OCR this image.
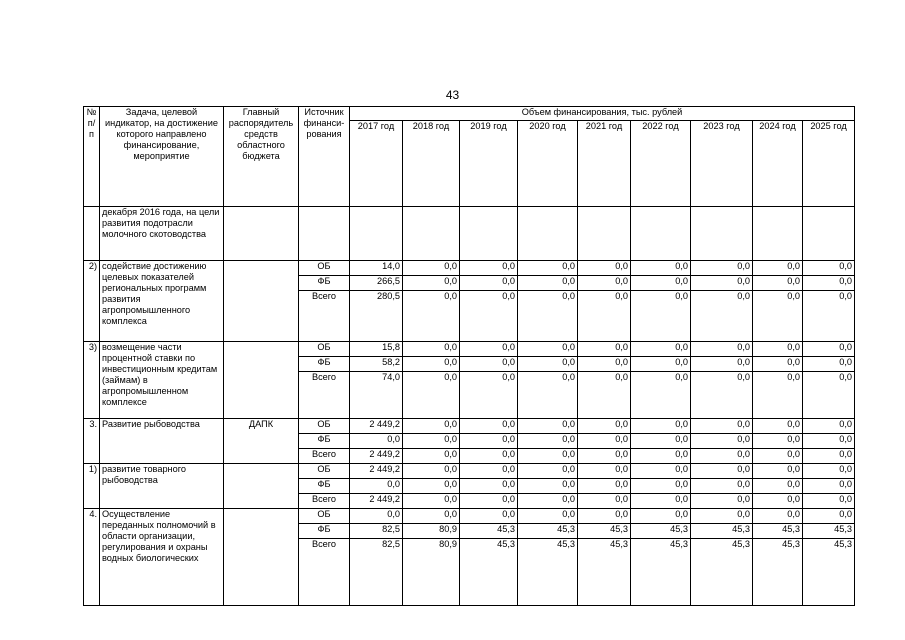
43
№ п/п	Задача, целевой индикатор, на достижение которого направлено финансирование, мероприятие	Главный распорядитель средств областного бюджета	Источник финанси-рования	Объем финансирования, тыс. рублей								
				2017 год	2018 год	2019 год	2020 год	2021 год	2022 год	2023 год	2024 год	2025 год
	декабря 2016 года, на цели развития подотрасли молочного скотоводства											
2)	содействие достижению целевых показателей региональных программ развития агропромышленного комплекса		ОБ	14,0	0,0	0,0	0,0	0,0	0,0	0,0	0,0	0,0
			ФБ	266,5	0,0	0,0	0,0	0,0	0,0	0,0	0,0	0,0
			Всего	280,5	0,0	0,0	0,0	0,0	0,0	0,0	0,0	0,0
3)	возмещение части процентной ставки по инвестиционным кредитам (займам) в агропромышленном комплексе		ОБ	15,8	0,0	0,0	0,0	0,0	0,0	0,0	0,0	0,0
			ФБ	58,2	0,0	0,0	0,0	0,0	0,0	0,0	0,0	0,0
			Всего	74,0	0,0	0,0	0,0	0,0	0,0	0,0	0,0	0,0
3.	Развитие рыбоводства	ДАПК	ОБ	2 449,2	0,0	0,0	0,0	0,0	0,0	0,0	0,0	0,0
			ФБ	0,0	0,0	0,0	0,0	0,0	0,0	0,0	0,0	0,0
			Всего	2 449,2	0,0	0,0	0,0	0,0	0,0	0,0	0,0	0,0
1)	развитие товарного рыбоводства		ОБ	2 449,2	0,0	0,0	0,0	0,0	0,0	0,0	0,0	0,0
			ФБ	0,0	0,0	0,0	0,0	0,0	0,0	0,0	0,0	0,0
			Всего	2 449,2	0,0	0,0	0,0	0,0	0,0	0,0	0,0	0,0
4.	Осуществление переданных полномочий в области организации, регулирования и охраны водных биологических		ОБ	0,0	0,0	0,0	0,0	0,0	0,0	0,0	0,0	0,0
			ФБ	82,5	80,9	45,3	45,3	45,3	45,3	45,3	45,3	45,3
			Всего	82,5	80,9	45,3	45,3	45,3	45,3	45,3	45,3	45,3
